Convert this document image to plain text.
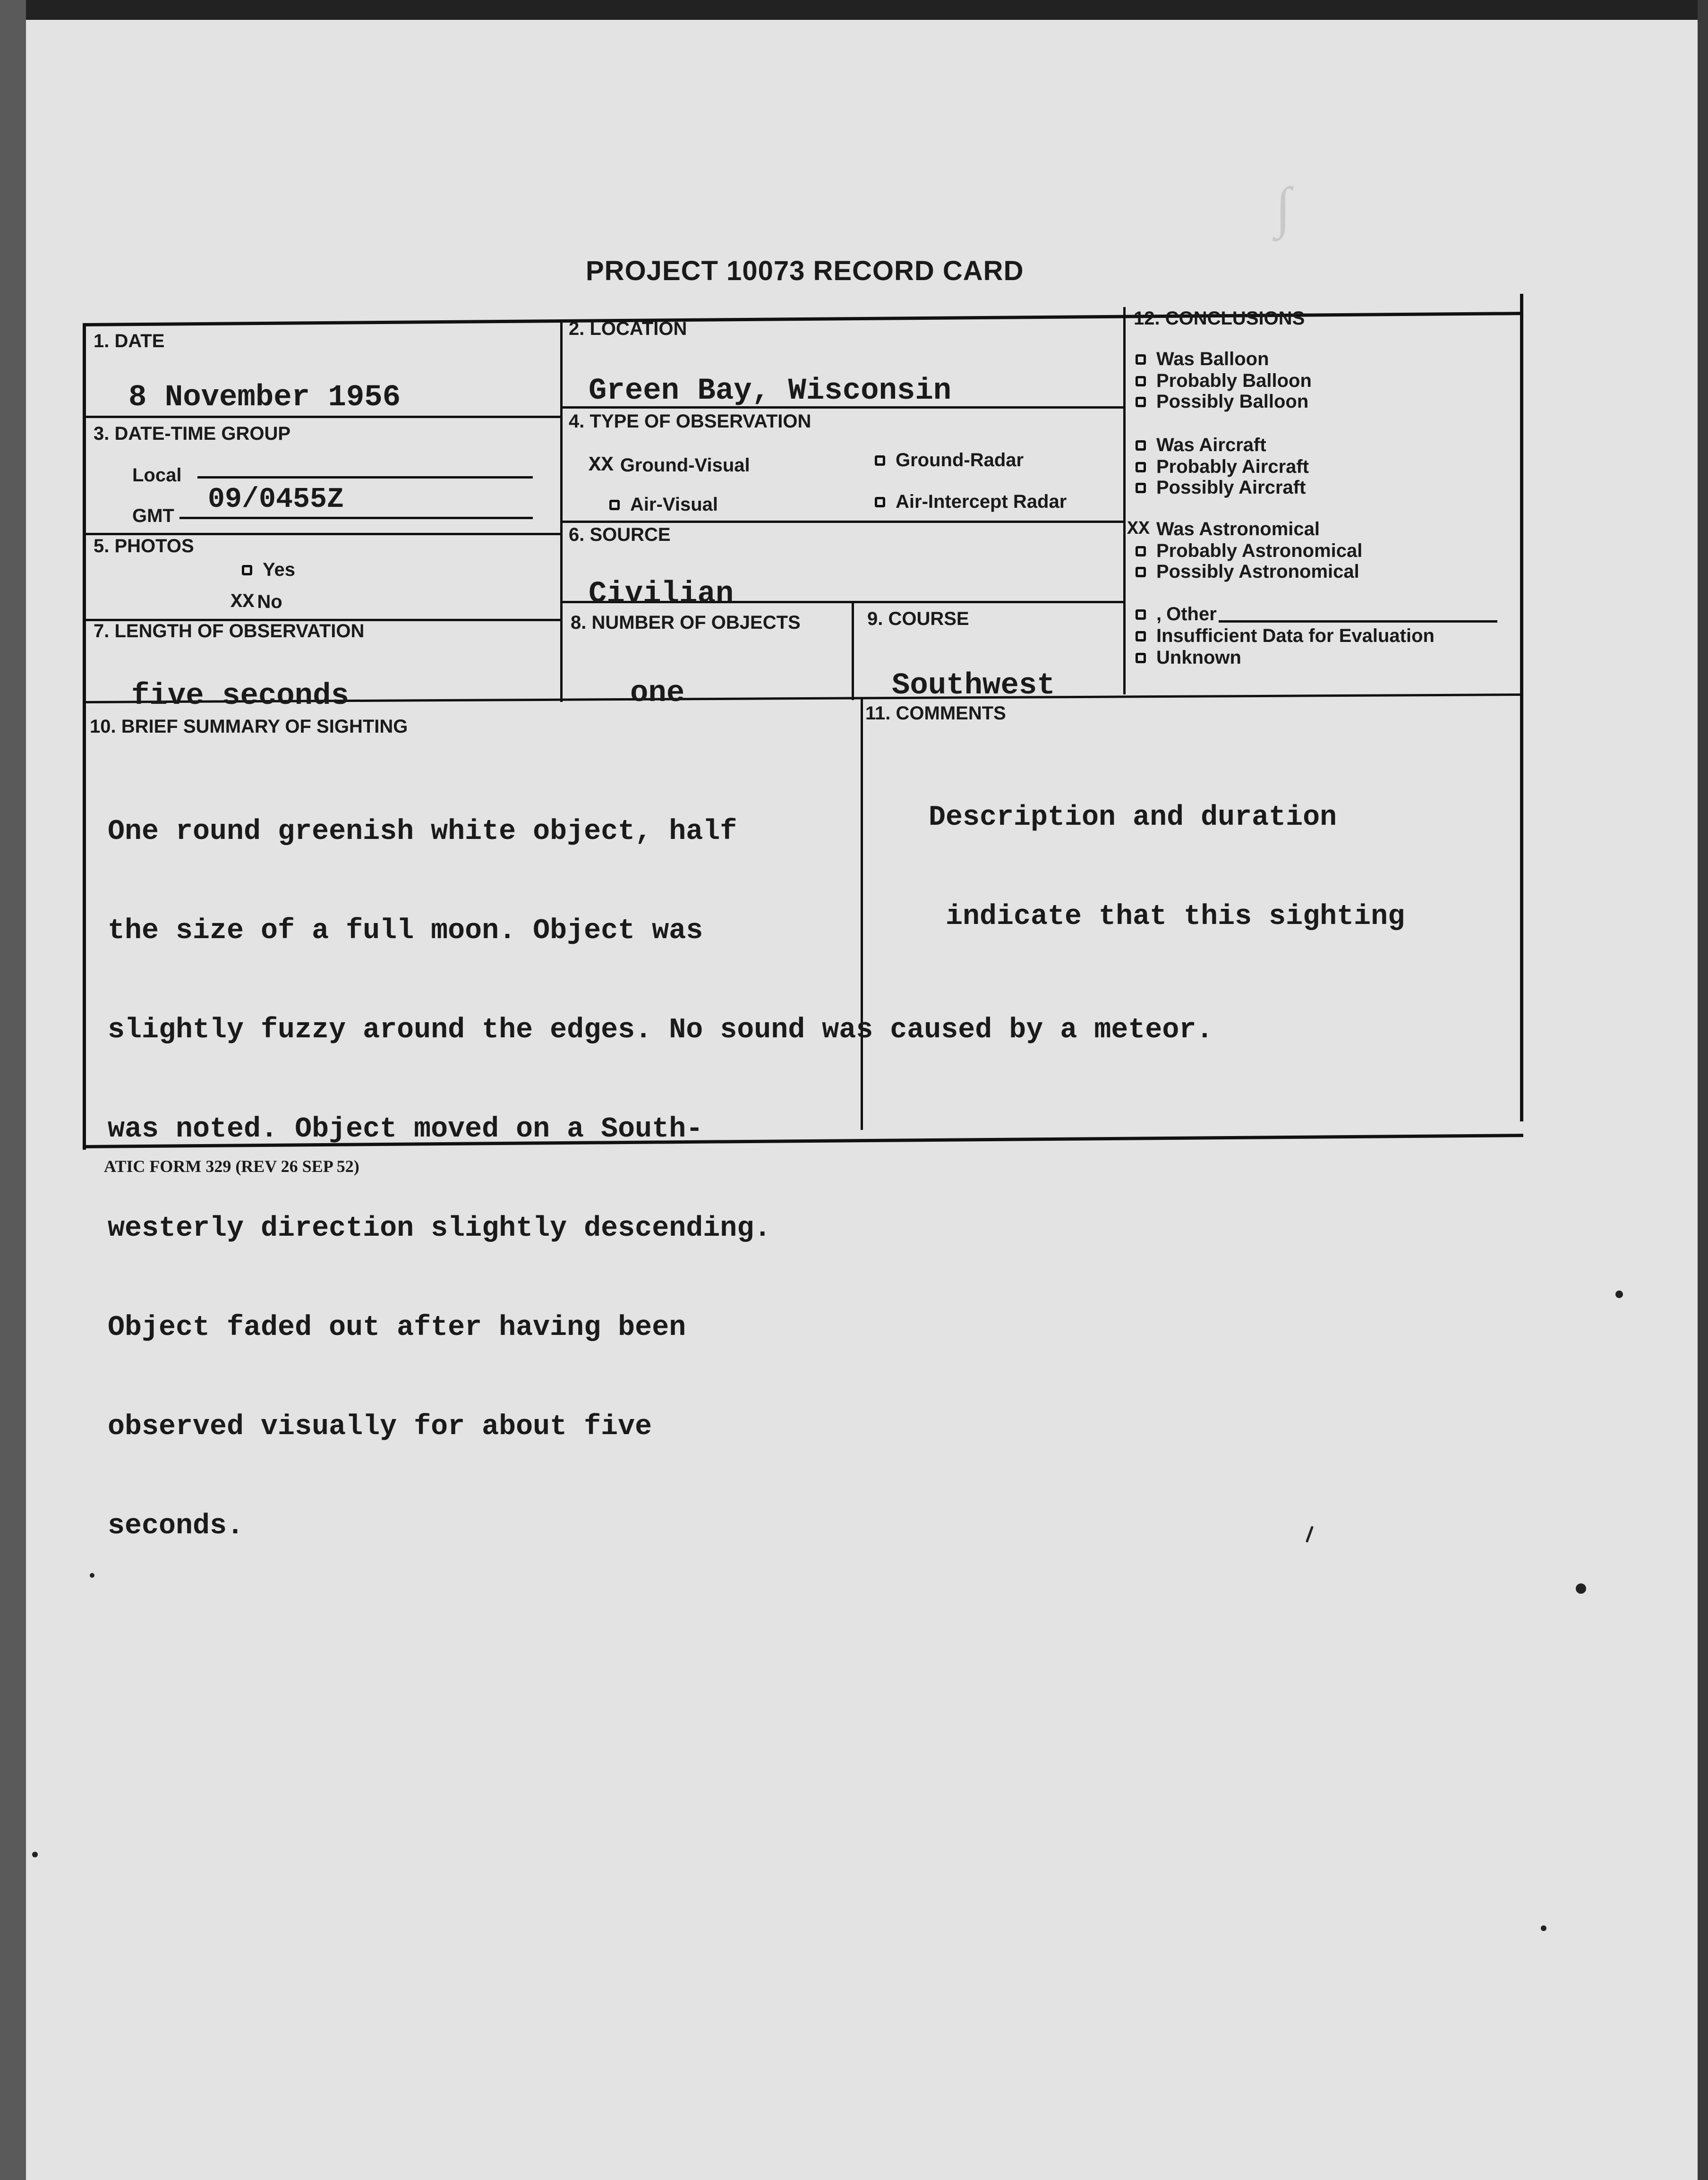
∫
PROJECT 10073 RECORD CARD
1. DATE
8 November 1956
2. LOCATION
Green Bay, Wisconsin
3. DATE-TIME GROUP
Local
GMT 09/0455Z
4. TYPE OF OBSERVATION
XX Ground-Visual	Ground-Radar
Air-Visual	Air-Intercept Radar
5. PHOTOS
Yes
XX No
6. SOURCE
Civilian
7. LENGTH OF OBSERVATION
five seconds
8. NUMBER OF OBJECTS
one
9. COURSE
Southwest
10. BRIEF SUMMARY OF SIGHTING

One round greenish white object, half

the size of a full moon. Object was

slightly fuzzy around the edges. No sound was caused by a meteor.

was noted. Object moved on a South-

westerly direction slightly descending.

Object faded out after having been

observed visually for about five

seconds.

11. COMMENTS

Description and duration

indicate that this sighting

12. CONCLUSIONS
Was Balloon
Probably Balloon
Possibly Balloon
Was Aircraft
Probably Aircraft
Possibly Aircraft
XX Was Astronomical
Probably Astronomical
Possibly Astronomical
, Other
Insufficient Data for Evaluation
Unknown
ATIC FORM 329 (REV 26 SEP 52)
